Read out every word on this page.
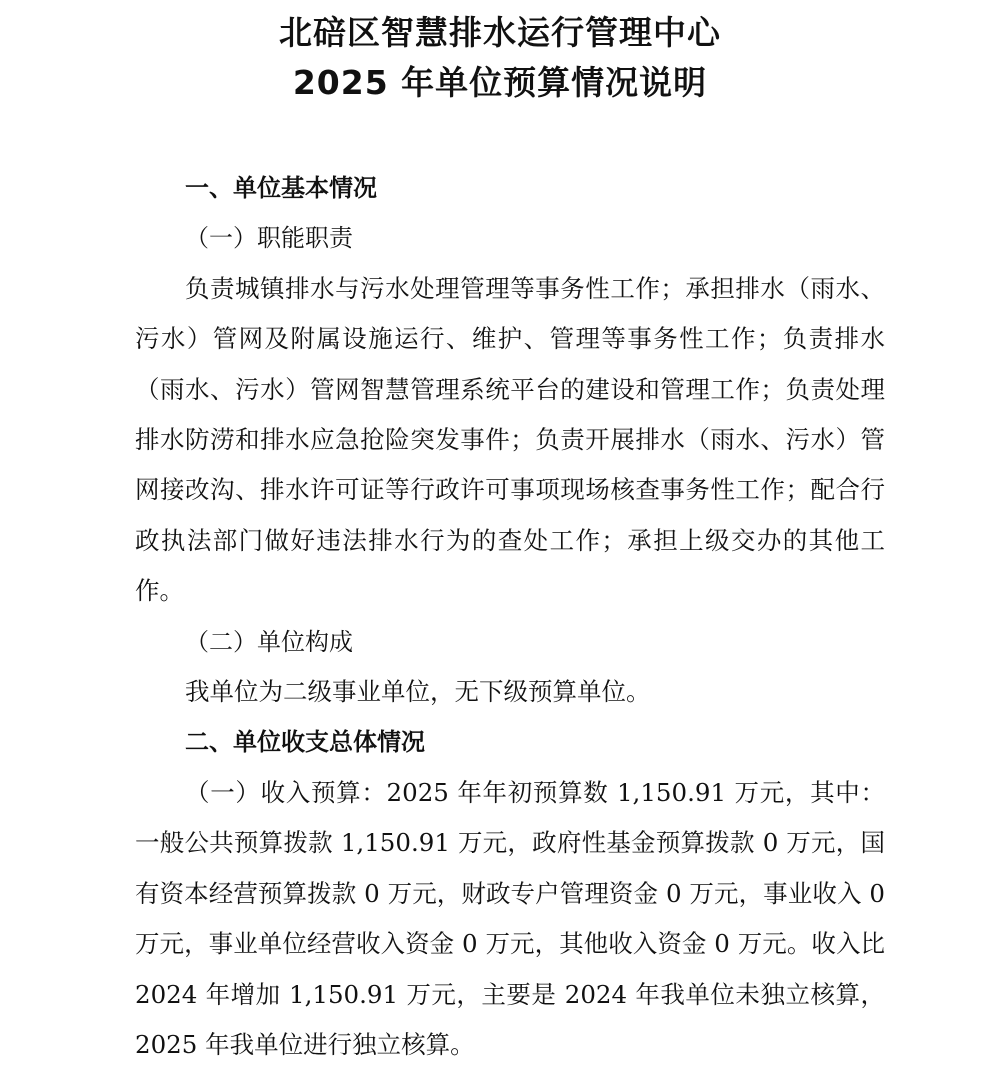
北碚区智慧排水运行管理中心
2025 年单位预算情况说明

一、单位基本情况

（一）职能职责

负责城镇排水与污水处理管理等事务性工作；承担排水（雨水、污水）管网及附属设施运行、维护、管理等事务性工作；负责排水（雨水、污水）管网智慧管理系统平台的建设和管理工作；负责处理排水防涝和排水应急抢险突发事件；负责开展排水（雨水、污水）管网接改沟、排水许可证等行政许可事项现场核查事务性工作；配合行政执法部门做好违法排水行为的查处工作；承担上级交办的其他工作。

（二）单位构成

我单位为二级事业单位，无下级预算单位。

二、单位收支总体情况

（一）收入预算：2025 年年初预算数 1,150.91 万元，其中：一般公共预算拨款 1,150.91 万元，政府性基金预算拨款 0 万元，国有资本经营预算拨款 0 万元，财政专户管理资金 0 万元，事业收入 0 万元，事业单位经营收入资金 0 万元，其他收入资金 0 万元。收入比 2024 年增加 1,150.91 万元，主要是 2024 年我单位未独立核算，2025 年我单位进行独立核算。
